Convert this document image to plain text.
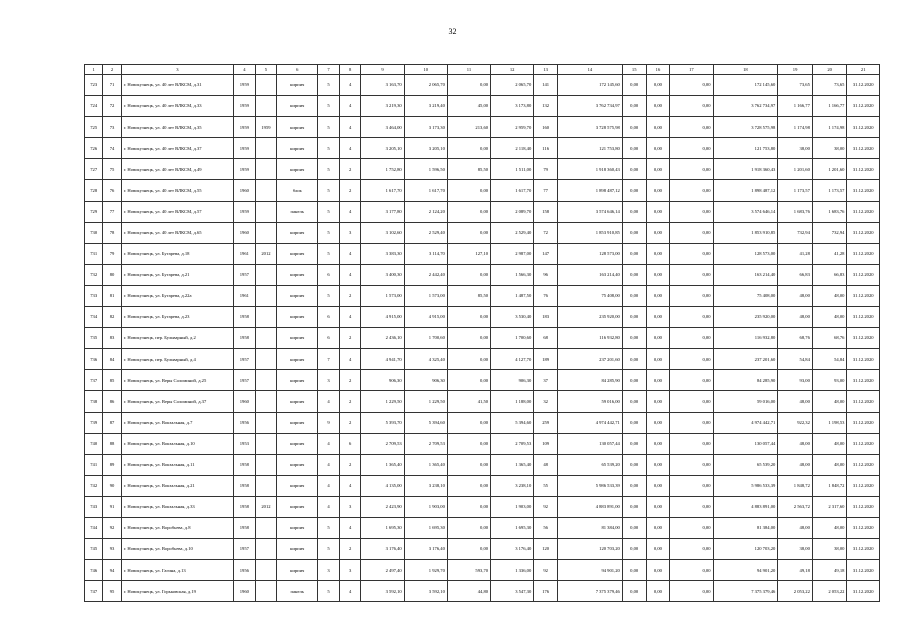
32
1	2	3	4	5	6	7	8	9	10	11	12	13	14	15	16	17	18	19	20	21
723	71	г. Новокузнецк, ул. 40 лет ВЛКСМ, д.31	1959		кирпич	5	4	3 163,70	2 065,70	0,00	2 065,70	141	172 145,60	0,00	0,00	0,00	172 145,60	73,65	73,65	31.12.2020
724	72	г. Новокузнецк, ул. 40 лет ВЛКСМ, д.33	1959		кирпич	5	4	3 219,30	3 219,40	45,00	3 173,80	132	3 762 734,97	0,00	0,00	0,00	3 762 734,97	1 166,77	1 166,77	31.12.2020
725	73	г. Новокузнецк, ул. 40 лет ВЛКСМ, д.35	1959	1959	кирпич	5	4	3 464,00	3 173,30	213,60	2 959,70	160	3 728 575,98	0,00	0,00	0,00	3 728 575,98	1 174,98	1 174,98	31.12.2020
726	74	г. Новокузнецк, ул. 40 лет ВЛКСМ, д.37	1959		кирпич	5	4	3 205,10	3 205,10	0,00	2 118,40	116	121 753,80	0,00	0,00	0,00	121 753,80	38,00	38,00	31.12.2020
727	75	г. Новокузнецк, ул. 40 лет ВЛКСМ, д.49	1959		кирпич	5	2	1 752,80	1 596,50	85,50	1 511,00	79	1 918 360,43	0,00	0,00	0,00	1 918 360,43	1 201,60	1 201,60	31.12.2020
728	76	г. Новокузнецк, ул. 40 лет ВЛКСМ, д.55	1960		блок	5	2	1 617,70	1 617,70	0,00	1 617,70	77	1 898 487,12	0,00	0,00	0,00	1 898 487,12	1 173,57	1 173,57	31.12.2020
729	77	г. Новокузнецк, ул. 40 лет ВЛКСМ, д.57	1959		панель	5	4	3 177,80	2 124,20	0,00	2 089,70	158	3 574 646,14	0,00	0,00	0,00	3 574 646,14	1 683,76	1 683,76	31.12.2020
730	78	г. Новокузнецк, ул. 40 лет ВЛКСМ, д.65	1960		кирпич	5	3	3 102,60	2 529,40	0,00	2 529,40	72	1 853 910,85	0,00	0,00	0,00	1 853 910,85	732,94	732,94	31.12.2020
731	79	г. Новокузнецк, ул. Бугарева, д.18	1961	2012	кирпич	5	4	3 383,30	3 114,70	127,10	2 987,00	147	128 573,00	0,00	0,00	0,00	128 573,00	41,28	41,28	31.12.2020
732	80	г. Новокузнецк, ул. Бугарева, д.21	1957		кирпич	6	4	3 400,30	2 442,40	0,00	1 566,30	96	163 214,40	0,00	0,00	0,00	163 214,40	66,83	66,83	31.12.2020
733	81	г. Новокузнецк, ул. Бугарева, д.22а	1961		кирпич	5	2	1 573,00	1 573,00	85,50	1 487,50	76	75 408,00	0,00	0,00	0,00	75 408,00	48,00	48,00	31.12.2020
734	82	г. Новокузнецк, ул. Бугарева, д.23	1958		кирпич	6	4	4 915,00	4 915,00	0,00	3 530,40	183	235 920,00	0,00	0,00	0,00	235 920,00	48,00	48,00	31.12.2020
735	83	г. Новокузнецк, пер. Бульварный, д.2	1958		кирпич	6	2	2 436,10	1 700,60	0,00	1 700,60	68	116 932,80	0,00	0,00	0,00	116 932,80	68,76	68,76	31.12.2020
736	84	г. Новокузнецк, пер. Бульварный, д.4	1957		кирпич	7	4	4 941,70	4 325,40	0,00	4 127,70	189	237 201,60	0,00	0,00	0,00	237 201,60	54,84	54,84	31.12.2020
737	85	г. Новокузнецк, ул. Веры Соломиной, д.25	1957		кирпич	3	2	906,30	906,30	0,00	906,30	37	84 285,90	0,00	0,00	0,00	84 285,90	93,00	93,00	31.12.2020
738	86	г. Новокузнецк, ул. Веры Соломиной, д.37	1960		кирпич	4	2	1 229,50	1 229,50	41,50	1 188,00	32	59 016,00	0,00	0,00	0,00	59 016,00	48,00	48,00	31.12.2020
739	87	г. Новокузнецк, ул. Вокзальная, д.7	1956		кирпич	9	2	5 393,70	5 394,60	0,00	5 394,60	259	4 974 442,71	0,00	0,00	0,00	4 974 442,71	922,32	1 198,53	31.12.2020
740	88	г. Новокузнецк, ул. Вокзальная, д.10	1953		кирпич	4	6	2 709,53	2 709,53	0,00	2 709,53	109	130 057,44	0,00	0,00	0,00	130 057,44	48,00	48,00	31.12.2020
741	89	г. Новокузнецк, ул. Вокзальная, д.11	1958		кирпич	4	2	1 365,40	1 365,40	0,00	1 365,40	48	65 539,20	0,00	0,00	0,00	65 539,20	48,00	48,00	31.12.2020
742	90	г. Новокузнецк, ул. Вокзальная, д.21	1958		кирпич	4	4	4 135,00	3 238,10	0,00	3 238,10	55	5 986 533,39	0,00	0,00	0,00	5 986 533,39	1 848,72	1 848,72	31.12.2020
743	91	г. Новокузнецк, ул. Вокзальная, д.33	1958	2012	кирпич	4	3	2 423,90	1 903,00	0,00	1 903,00	92	4 883 891,00	0,00	0,00	0,00	4 883 891,00	2 563,72	2 317,60	31.12.2020
744	92	г. Новокузнецк, ул. Воробьева, д.8	1958		кирпич	5	4	1 695,30	1 695,30	0,00	1 695,30	56	81 384,00	0,00	0,00	0,00	81 384,00	48,00	48,00	31.12.2020
745	93	г. Новокузнецк, ул. Воробьева, д.10	1957		кирпич	5	2	3 176,40	3 176,40	0,00	3 176,40	120	120 703,20	0,00	0,00	0,00	120 703,20	38,00	38,00	31.12.2020
746	94	г. Новокузнецк, ул. Гагина, д.13	1956		кирпич	3	3	2 497,40	1 929,70	593,70	1 336,00	92	94 901,20	0,00	0,00	0,00	94 901,20	49,18	49,18	31.12.2020
747	95	г. Новокузнецк, ул. Горьковская, д.19	1960		панель	5	4	3 592,10	3 592,10	44,80	3 547,30	176	7 375 379,46	0,00	0,00	0,00	7 375 379,46	2 053,22	2 053,22	31.12.2020
